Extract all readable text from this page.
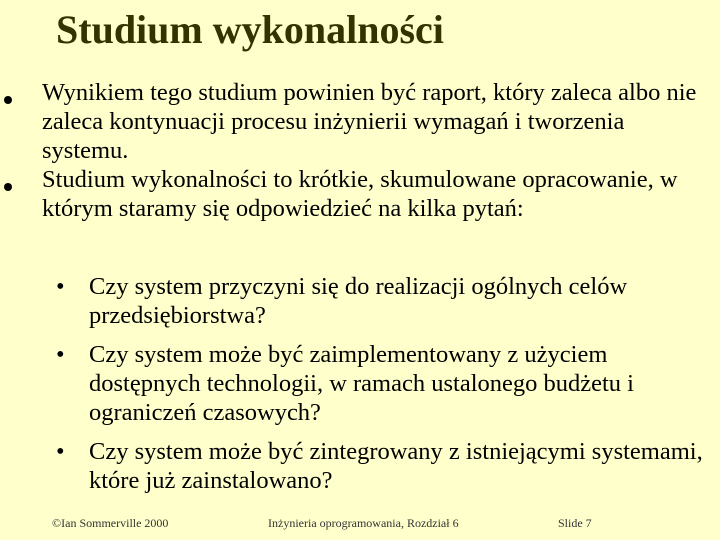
Studium wykonalności
Wynikiem tego studium powinien być raport, który zaleca albo nie zaleca kontynuacji procesu inżynierii wymagań i tworzenia systemu.
Studium wykonalności to krótkie, skumulowane opracowanie, w którym staramy się odpowiedzieć na kilka pytań:
• Czy system przyczyni się do realizacji ogólnych celów przedsiębiorstwa?
• Czy system może być zaimplementowany z użyciem dostępnych technologii, w ramach ustalonego budżetu i ograniczeń czasowych?
• Czy system może być zintegrowany z istniejącymi systemami, które już zainstalowano?
©Ian Sommerville 2000	Inżynieria oprogramowania, Rozdział 6	Slide 7
